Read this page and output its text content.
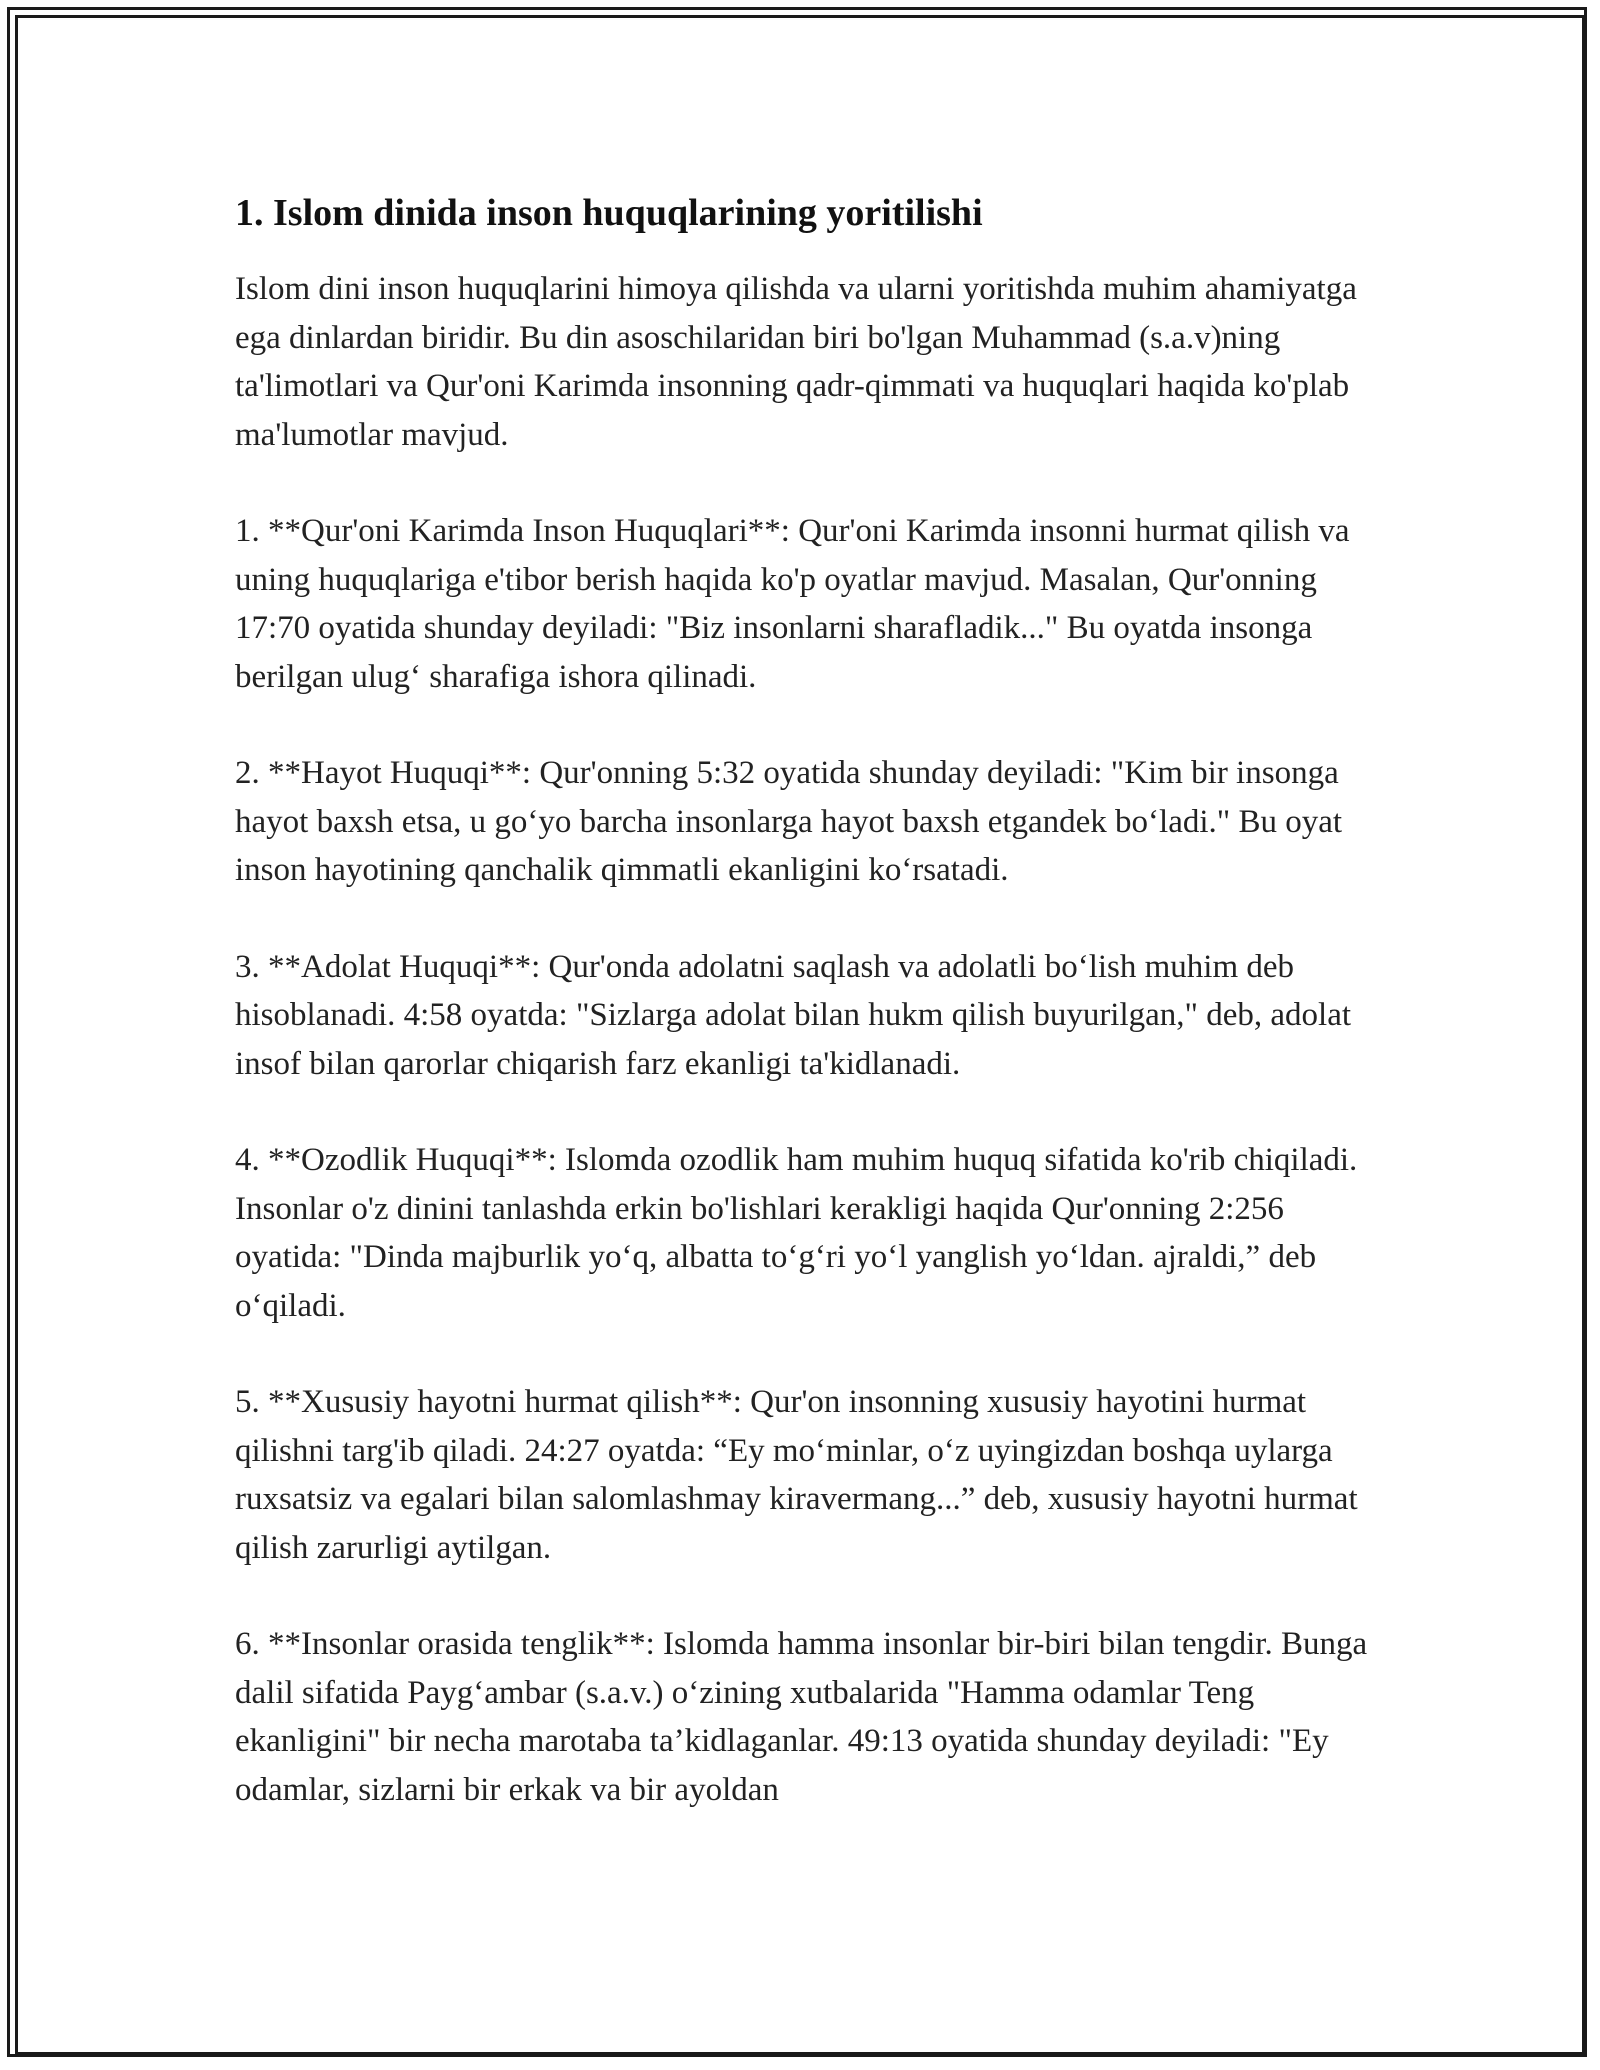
1. Islom dinida inson huquqlarining yoritilishi

Islom dini inson huquqlarini himoya qilishda va ularni yoritishda muhim ahamiyatga ega dinlardan biridir. Bu din asoschilaridan biri bo'lgan Muhammad (s.a.v)ning ta'limotlari va Qur'oni Karimda insonning qadr-qimmati va huquqlari haqida ko'plab ma'lumotlar mavjud.

1. **Qur'oni Karimda Inson Huquqlari**: Qur'oni Karimda insonni hurmat qilish va uning huquqlariga e'tibor berish haqida ko'p oyatlar mavjud. Masalan, Qur'onning 17:70 oyatida shunday deyiladi: "Biz insonlarni sharafladik..." Bu oyatda insonga berilgan ulug‘ sharafiga ishora qilinadi.

2. **Hayot Huquqi**: Qur'onning 5:32 oyatida shunday deyiladi: "Kim bir insonga hayot baxsh etsa, u go‘yo barcha insonlarga hayot baxsh etgandek bo‘ladi." Bu oyat inson hayotining qanchalik qimmatli ekanligini ko‘rsatadi.

3. **Adolat Huquqi**: Qur'onda adolatni saqlash va adolatli bo‘lish muhim deb hisoblanadi. 4:58 oyatda: "Sizlarga adolat bilan hukm qilish buyurilgan," deb, adolat insof bilan qarorlar chiqarish farz ekanligi ta'kidlanadi.

4. **Ozodlik Huquqi**: Islomda ozodlik ham muhim huquq sifatida ko'rib chiqiladi. Insonlar o'z dinini tanlashda erkin bo'lishlari kerakligi haqida Qur'onning 2:256 oyatida: "Dinda majburlik yo‘q, albatta to‘g‘ri yo‘l yanglish yo‘ldan. ajraldi,” deb o‘qiladi.

5. **Xususiy hayotni hurmat qilish**: Qur'on insonning xususiy hayotini hurmat qilishni targ'ib qiladi. 24:27 oyatda: “Ey mo‘minlar, o‘z uyingizdan boshqa uylarga ruxsatsiz va egalari bilan salomlashmay kiravermang...” deb, xususiy hayotni hurmat qilish zarurligi aytilgan.

6. **Insonlar orasida tenglik**: Islomda hamma insonlar bir-biri bilan tengdir. Bunga dalil sifatida Payg‘ambar (s.a.v.) o‘zining xutbalarida "Hamma odamlar Teng ekanligini" bir necha marotaba ta’kidlaganlar. 49:13 oyatida shunday deyiladi: "Ey odamlar, sizlarni bir erkak va bir ayoldan
